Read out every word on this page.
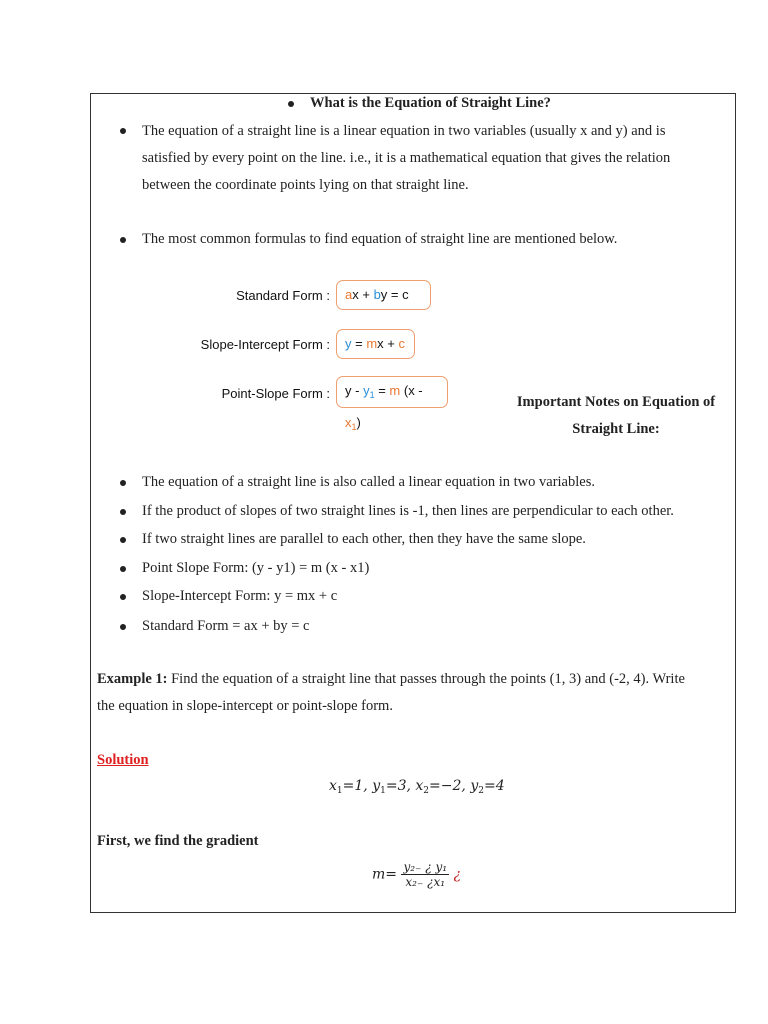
What is the Equation of Straight Line?
The equation of a straight line is a linear equation in two variables (usually x and y) and is
satisfied by every point on the line. i.e., it is a mathematical equation that gives the relation
between the coordinate points lying on that straight line.
The most common formulas to find equation of straight line are mentioned below.
Standard Form :	ax + by = c
Slope-Intercept Form :	y = mx + c
Point-Slope Form :	$y - y_1 = m$ $(x - x_1)$
Important Notes on Equation of
Straight Line:
The equation of a straight line is also called a linear equation in two variables.
If the product of slopes of two straight lines is -1, then lines are perpendicular to each other.
If two straight lines are parallel to each other, then they have the same slope.
Point Slope Form: (y - y1) = m (x - x1)
Slope-Intercept Form: y = mx + c
Standard Form = ax + by = c
Example 1: Find the equation of a straight line that passes through the points (1, 3) and (-2, 4). Write
the equation in slope-intercept or point-slope form.
Solution
$x_1=1$, $y_1=3$, $x_2=-2$, $y_2=4$
First, we find the gradient
$m= \frac{\text{y₂₋ ¿ y₁}}{\text{x₂₋ ¿x₁}}$ ¿
